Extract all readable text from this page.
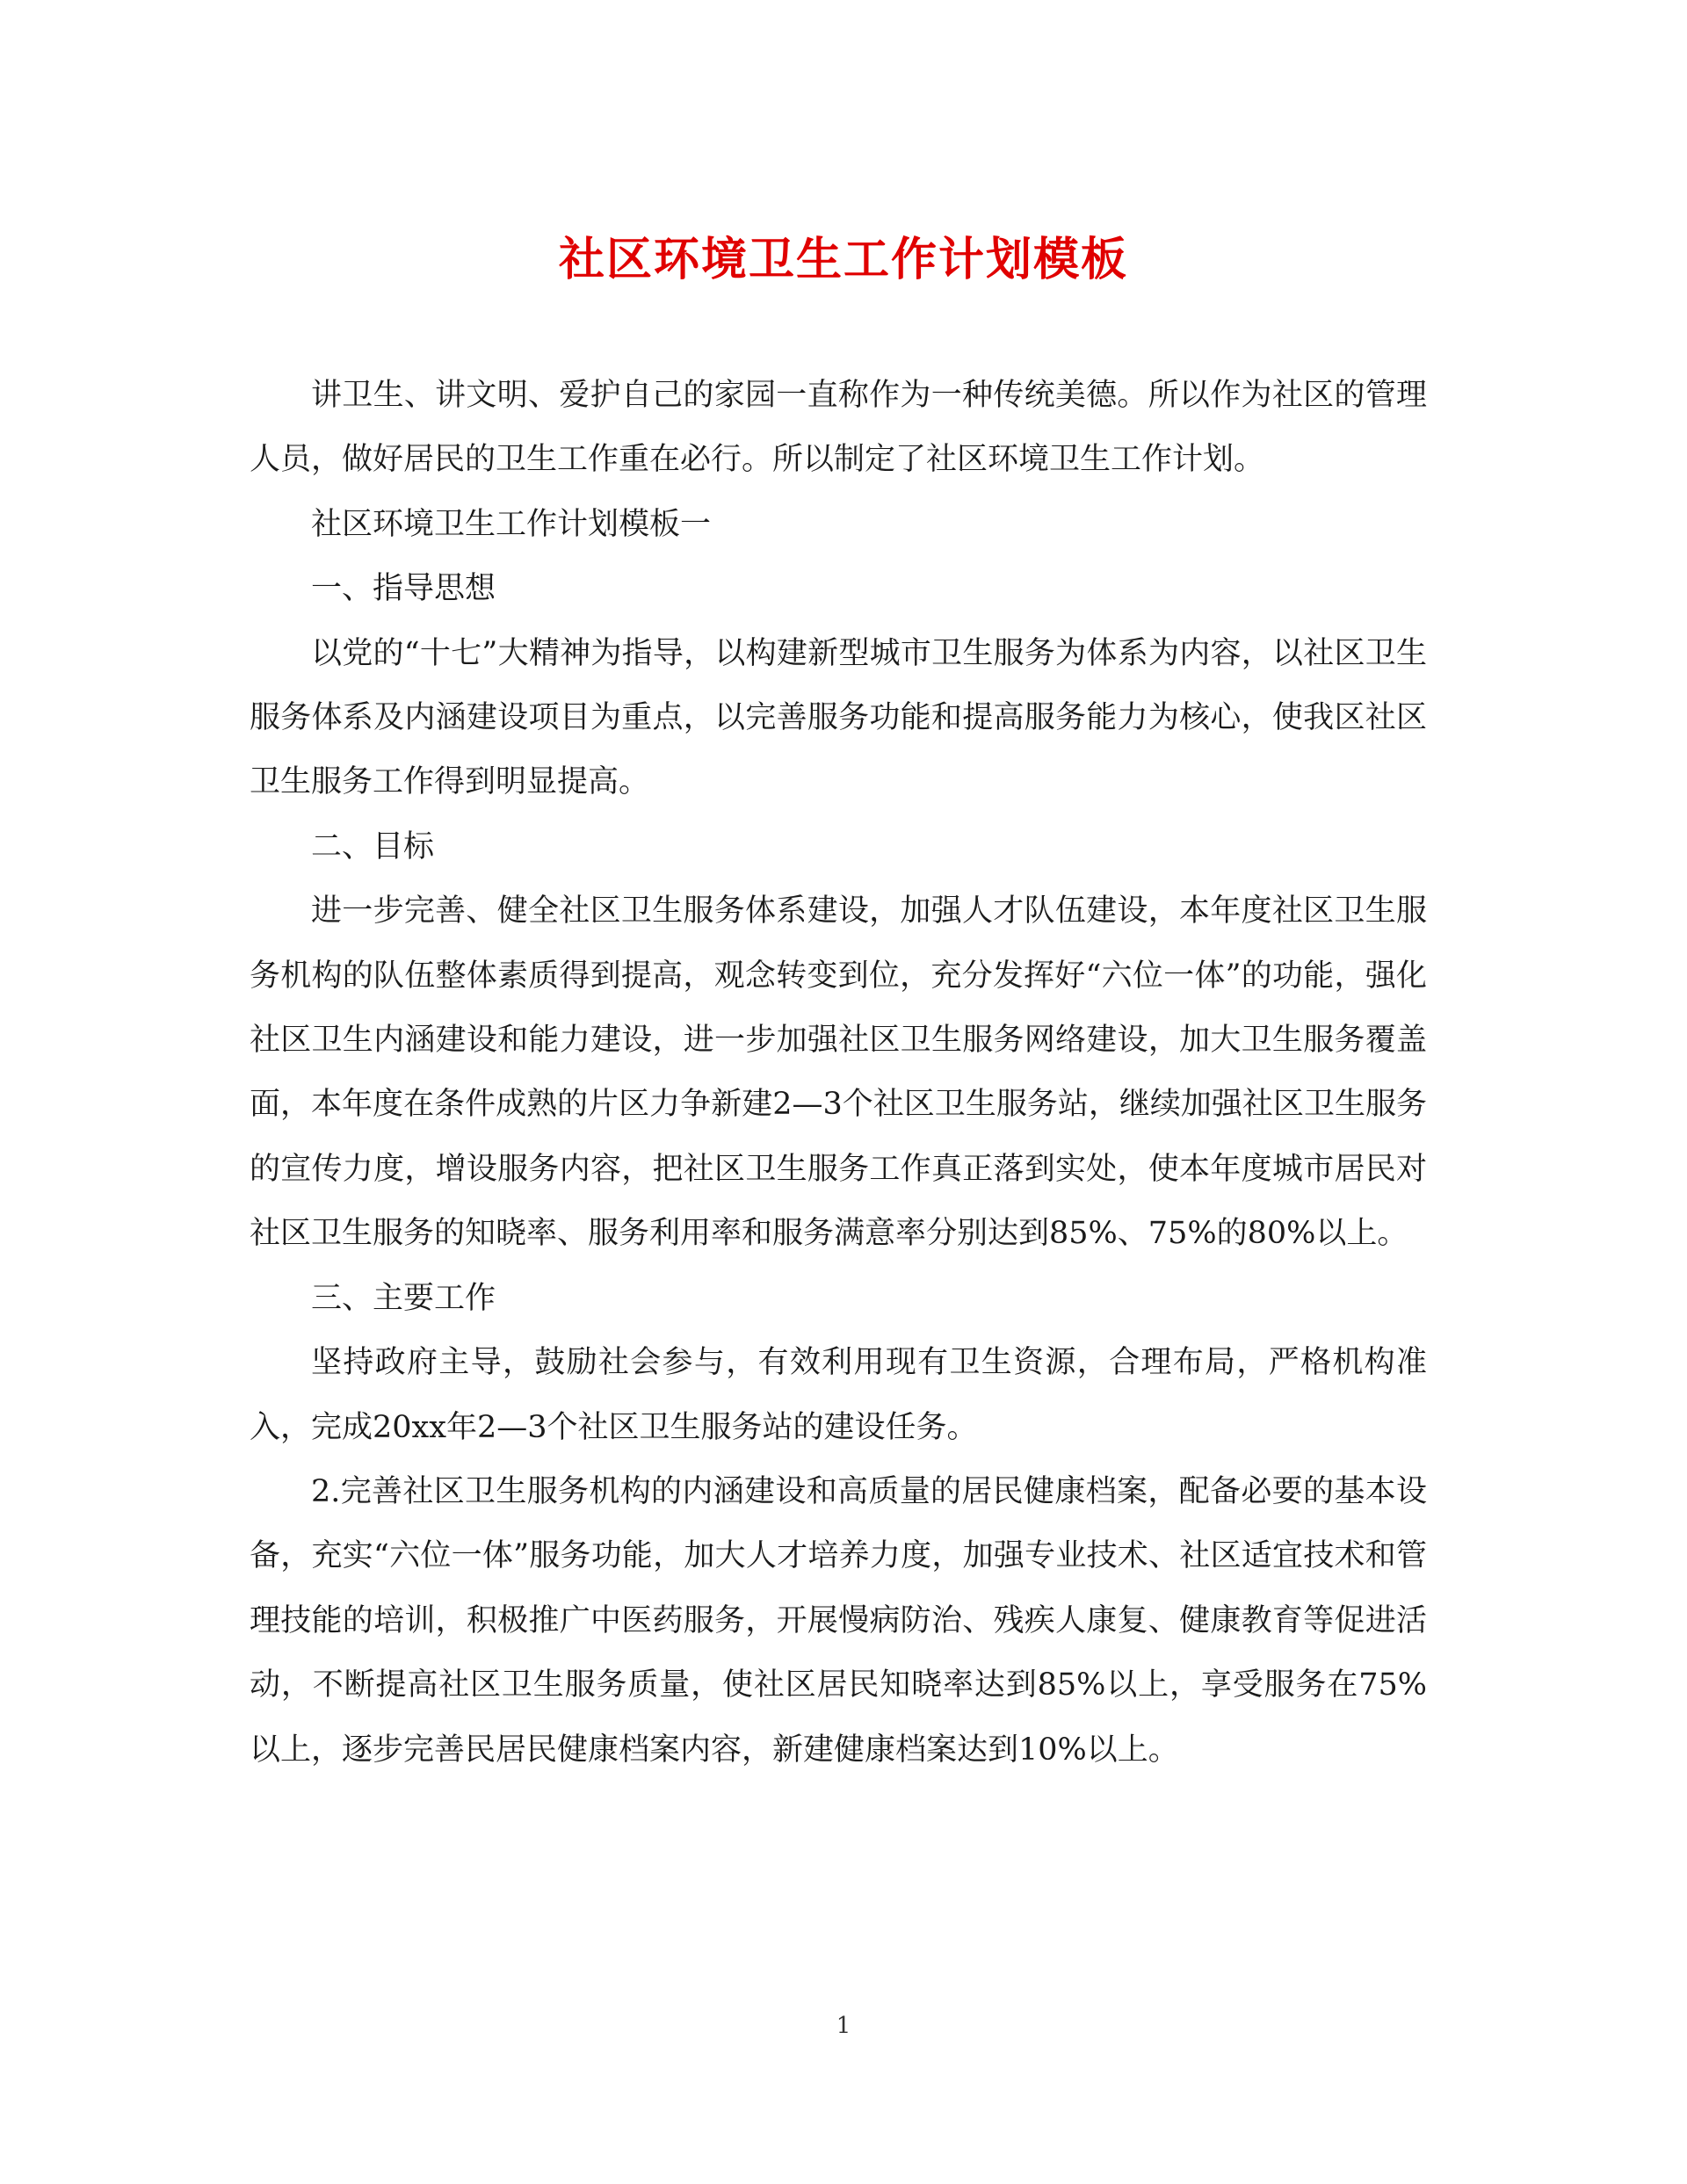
社区环境卫生工作计划模板

讲卫生、讲文明、爱护自己的家园一直称作为一种传统美德。所以作为社区的管理人员，做好居民的卫生工作重在必行。所以制定了社区环境卫生工作计划。

社区环境卫生工作计划模板一

一、指导思想

以党的“十七”大精神为指导，以构建新型城市卫生服务为体系为内容，以社区卫生服务体系及内涵建设项目为重点，以完善服务功能和提高服务能力为核心，使我区社区卫生服务工作得到明显提高。

二、目标

进一步完善、健全社区卫生服务体系建设，加强人才队伍建设，本年度社区卫生服务机构的队伍整体素质得到提高，观念转变到位，充分发挥好“六位一体”的功能，强化社区卫生内涵建设和能力建设，进一步加强社区卫生服务网络建设，加大卫生服务覆盖面，本年度在条件成熟的片区力争新建2—3个社区卫生服务站，继续加强社区卫生服务的宣传力度，增设服务内容，把社区卫生服务工作真正落到实处，使本年度城市居民对社区卫生服务的知晓率、服务利用率和服务满意率分别达到85%、75%的80%以上。

三、主要工作

坚持政府主导，鼓励社会参与，有效利用现有卫生资源，合理布局，严格机构准入，完成20xx年2—3个社区卫生服务站的建设任务。

2.完善社区卫生服务机构的内涵建设和高质量的居民健康档案，配备必要的基本设备，充实“六位一体”服务功能，加大人才培养力度，加强专业技术、社区适宜技术和管理技能的培训，积极推广中医药服务，开展慢病防治、残疾人康复、健康教育等促进活动，不断提高社区卫生服务质量，使社区居民知晓率达到85%以上，享受服务在75%以上，逐步完善民居民健康档案内容，新建健康档案达到10%以上。

1
